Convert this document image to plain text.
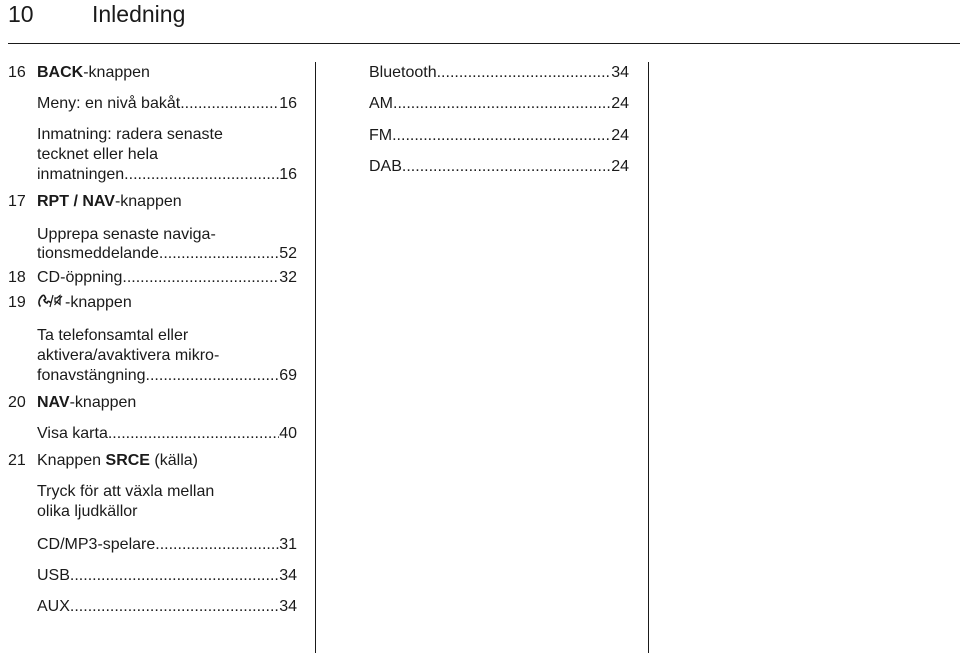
10	Inledning
16 BACK-knappen
Meny: en nivå bakåt .....	16
Inmatning: radera senaste
tecknet eller hela
inmatningen .....	16
17 RPT / NAV-knappen
Upprepa senaste naviga-
tionsmeddelande .....	52
18 CD-öppning .....	32
19	-knappen
Ta telefonsamtal eller
aktivera/avaktivera mikro-
fonavstängning .....	69
20 NAV-knappen
Visa karta .....	40
21 Knappen SRCE (källa)
Tryck för att växla mellan
olika ljudkällor
CD/MP3-spelare .....	31
USB .....	34
AUX .....	34
Bluetooth .....	34
AM .....	24
FM .....	24
DAB .....	24
